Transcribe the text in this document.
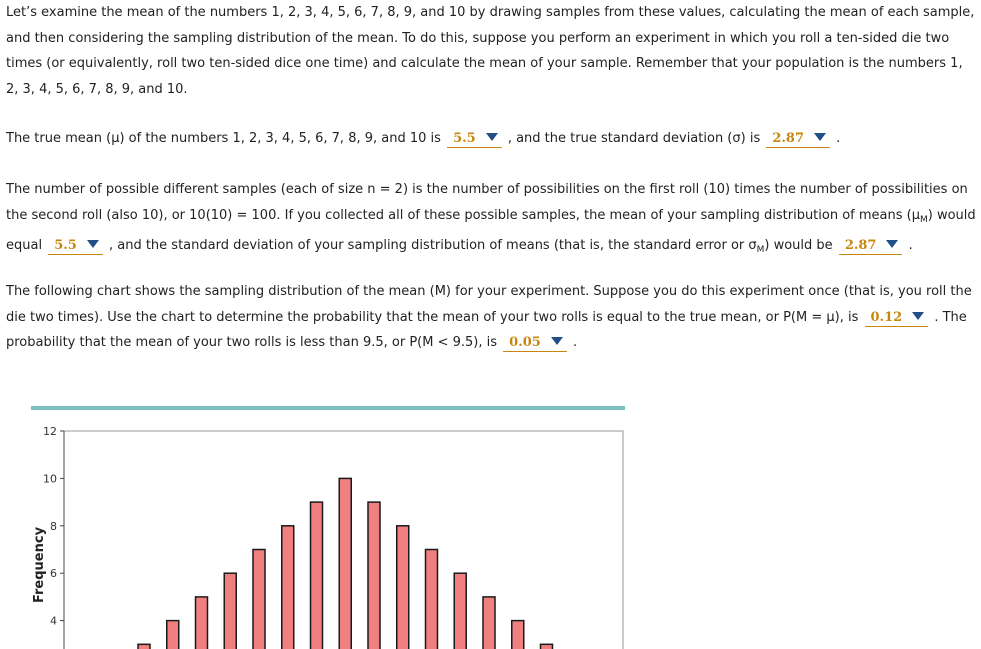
Let’s examine the mean of the numbers 1, 2, 3, 4, 5, 6, 7, 8, 9, and 10 by drawing samples from these values, calculating the mean of each sample, and then considering the sampling distribution of the mean. To do this, suppose you perform an experiment in which you roll a ten-sided die two times (or equivalently, roll two ten-sided dice one time) and calculate the mean of your sample. Remember that your population is the numbers 1, 2, 3, 4, 5, 6, 7, 8, 9, and 10.
The true mean (μ) of the numbers 1, 2, 3, 4, 5, 6, 7, 8, 9, and 10 is 5.5 , and the true standard deviation (σ) is 2.87 .
The number of possible different samples (each of size n = 2) is the number of possibilities on the first roll (10) times the number of possibilities on the second roll (also 10), or 10(10) = 100. If you collected all of these possible samples, the mean of your sampling distribution of means $(\mu_M)$ would equal 5.5 , and the standard deviation of your sampling distribution of means (that is, the standard error or $\sigma_M$) would be 2.87 .
The following chart shows the sampling distribution of the mean (M) for your experiment. Suppose you do this experiment once (that is, you roll the die two times). Use the chart to determine the probability that the mean of your two rolls is equal to the true mean, or P(M = μ), is 0.12 . The probability that the mean of your two rolls is less than 9.5, or P(M < 9.5), is 0.05 .
4
6
8
10
12
Frequency
